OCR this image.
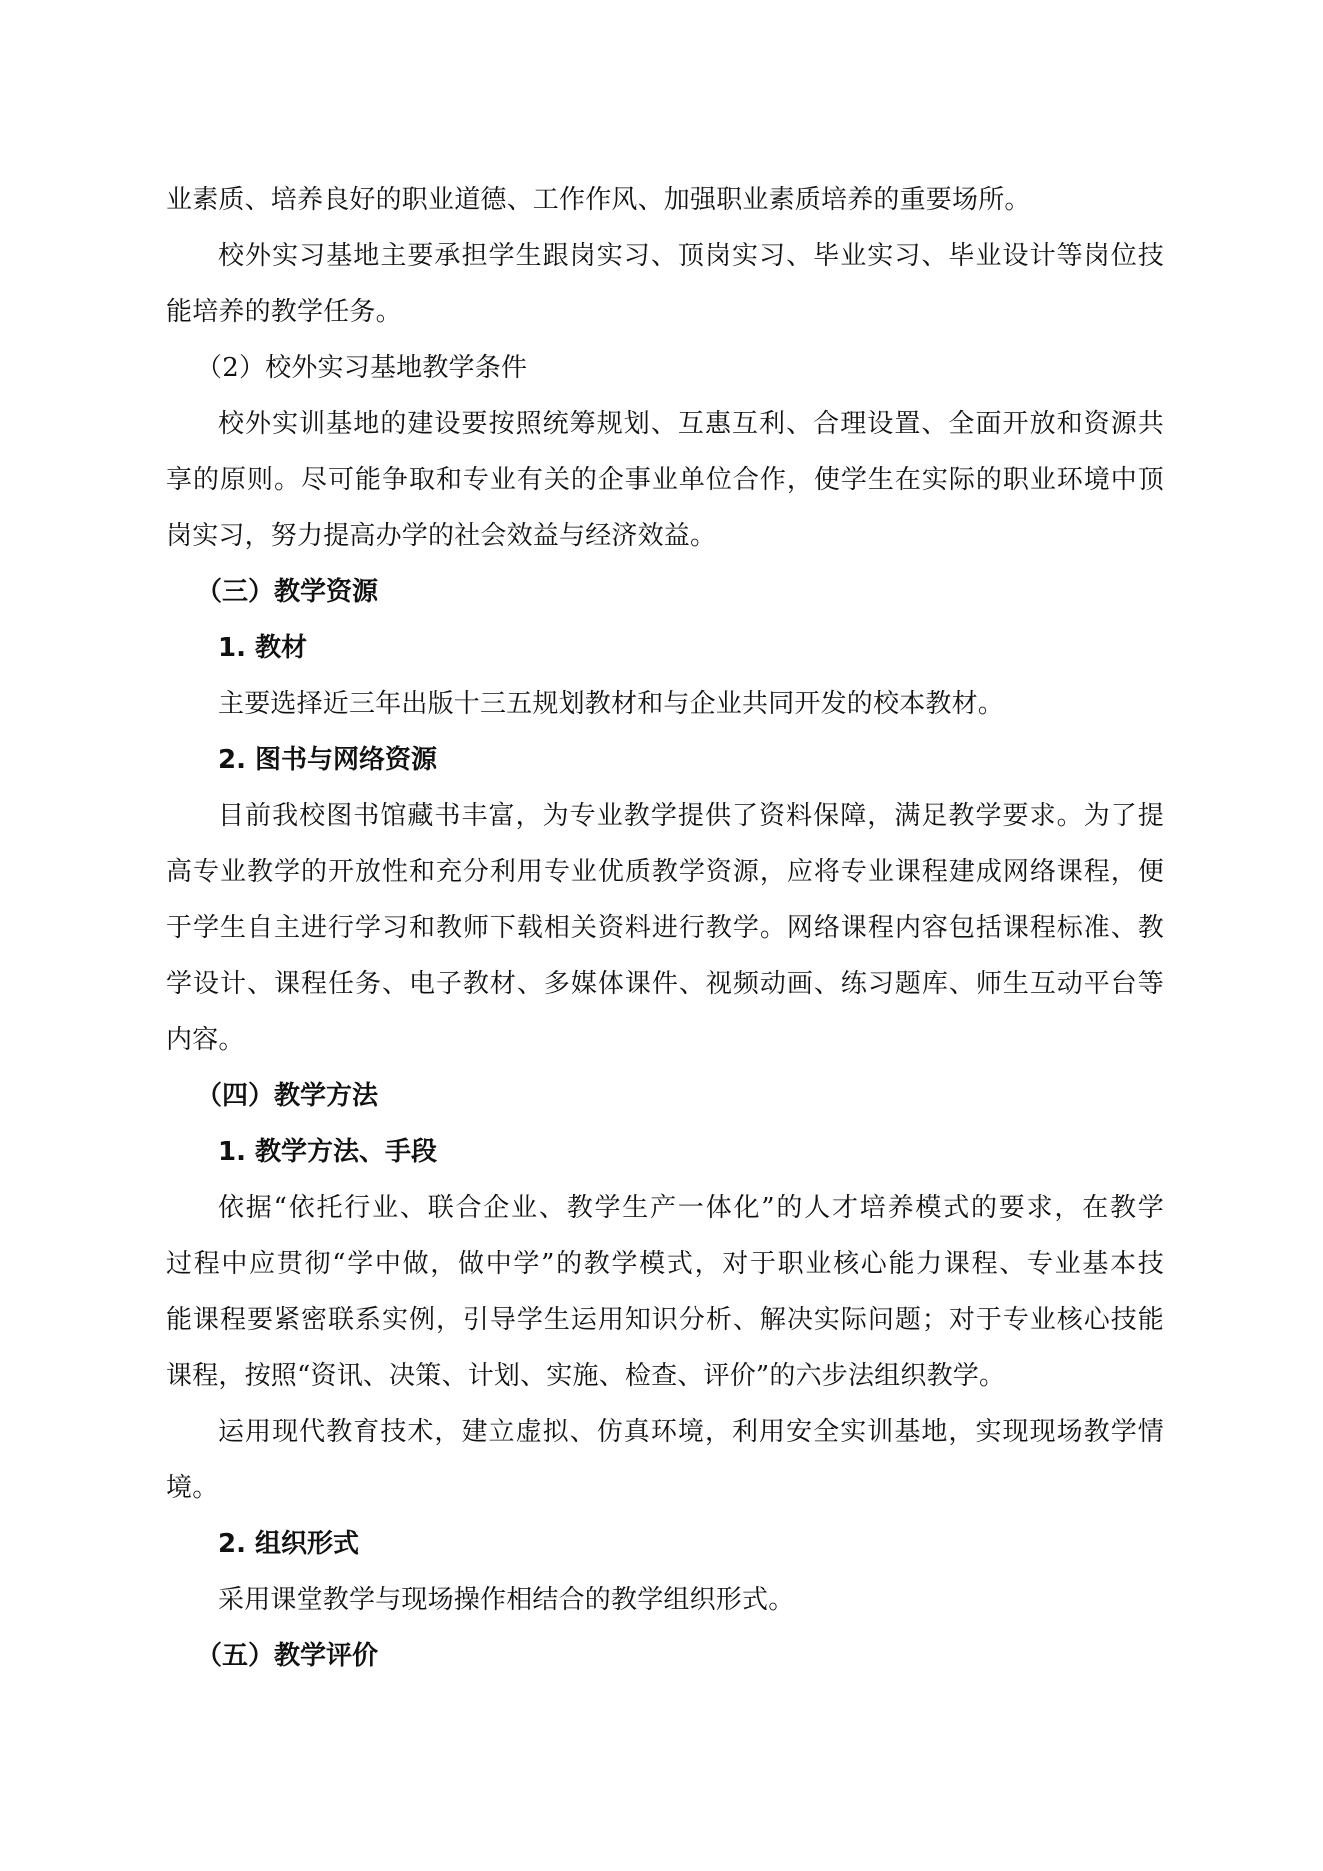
业素质、培养良好的职业道德、工作作风、加强职业素质培养的重要场所。
校外实习基地主要承担学生跟岗实习、顶岗实习、毕业实习、毕业设计等岗位技
能培养的教学任务。
（2）校外实习基地教学条件
校外实训基地的建设要按照统筹规划、互惠互利、合理设置、全面开放和资源共
享的原则。尽可能争取和专业有关的企事业单位合作，使学生在实际的职业环境中顶
岗实习，努力提高办学的社会效益与经济效益。
（三）教学资源
1. 教材
主要选择近三年出版十三五规划教材和与企业共同开发的校本教材。
2. 图书与网络资源
目前我校图书馆藏书丰富，为专业教学提供了资料保障，满足教学要求。为了提
高专业教学的开放性和充分利用专业优质教学资源，应将专业课程建成网络课程，便
于学生自主进行学习和教师下载相关资料进行教学。网络课程内容包括课程标准、教
学设计、课程任务、电子教材、多媒体课件、视频动画、练习题库、师生互动平台等
内容。
（四）教学方法
1. 教学方法、手段
依据“依托行业、联合企业、教学生产一体化”的人才培养模式的要求，在教学
过程中应贯彻“学中做，做中学”的教学模式，对于职业核心能力课程、专业基本技
能课程要紧密联系实例，引导学生运用知识分析、解决实际问题；对于专业核心技能
课程，按照“资讯、决策、计划、实施、检查、评价”的六步法组织教学。
运用现代教育技术，建立虚拟、仿真环境，利用安全实训基地，实现现场教学情
境。
2. 组织形式
采用课堂教学与现场操作相结合的教学组织形式。
（五）教学评价
